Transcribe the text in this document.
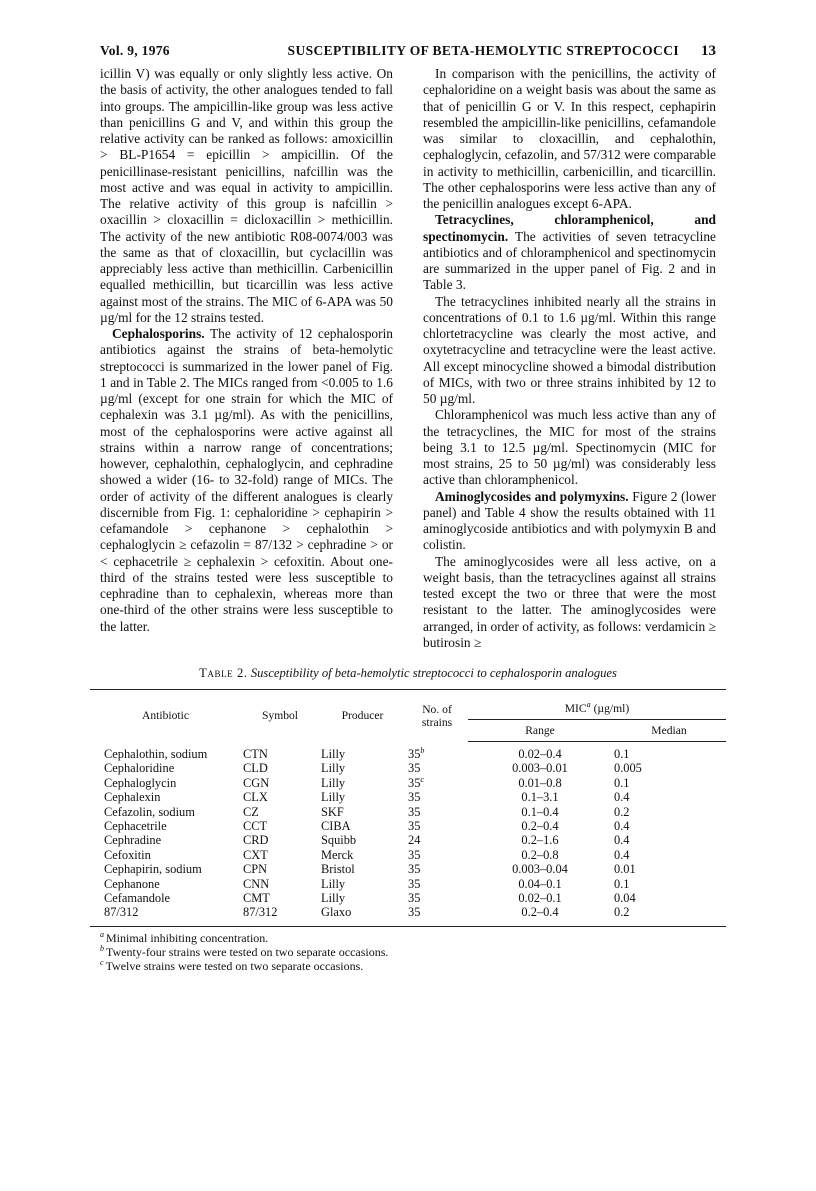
Vol. 9, 1976	SUSCEPTIBILITY OF BETA-HEMOLYTIC STREPTOCOCCI 13

icillin V) was equally or only slightly less active. On the basis of activity, the other analogues tended to fall into groups. The ampicillin-like group was less active than penicillins G and V, and within this group the relative activity can be ranked as follows: amoxicillin > BL-P1654 = epicillin > ampicillin. Of the penicillinase-resistant penicillins, nafcillin was the most active and was equal in activity to ampicillin. The relative activity of this group is nafcillin > oxacillin > cloxacillin = dicloxacillin > methicillin. The activity of the new antibiotic R08-0074/003 was the same as that of cloxacillin, but cyclacillin was appreciably less active than methicillin. Carbenicillin equalled methicillin, but ticarcillin was less active against most of the strains. The MIC of 6-APA was 50 µg/ml for the 12 strains tested.

Cephalosporins. The activity of 12 cephalosporin antibiotics against the strains of beta-hemolytic streptococci is summarized in the lower panel of Fig. 1 and in Table 2. The MICs ranged from <0.005 to 1.6 µg/ml (except for one strain for which the MIC of cephalexin was 3.1 µg/ml). As with the penicillins, most of the cephalosporins were active against all strains within a narrow range of concentrations; however, cephalothin, cephaloglycin, and cephradine showed a wider (16- to 32-fold) range of MICs. The order of activity of the different analogues is clearly discernible from Fig. 1: cephaloridine > cephapirin > cefamandole > cephanone > cephalothin > cephaloglycin ≥ cefazolin = 87/132 > cephradine > or < cephacetrile ≥ cephalexin > cefoxitin. About one-third of the strains tested were less susceptible to cephradine than to cephalexin, whereas more than one-third of the other strains were less susceptible to the latter.

In comparison with the penicillins, the activity of cephaloridine on a weight basis was about the same as that of penicillin G or V. In this respect, cephapirin resembled the ampicillin-like penicillins, cefamandole was similar to cloxacillin, and cephalothin, cephaloglycin, cefazolin, and 57/312 were comparable in activity to methicillin, carbenicillin, and ticarcillin. The other cephalosporins were less active than any of the penicillin analogues except 6-APA.

Tetracyclines, chloramphenicol, and spectinomycin. The activities of seven tetracycline antibiotics and of chloramphenicol and spectinomycin are summarized in the upper panel of Fig. 2 and in Table 3.

The tetracyclines inhibited nearly all the strains in concentrations of 0.1 to 1.6 µg/ml. Within this range chlortetracycline was clearly the most active, and oxytetracycline and tetracycline were the least active. All except minocycline showed a bimodal distribution of MICs, with two or three strains inhibited by 12 to 50 µg/ml.

Chloramphenicol was much less active than any of the tetracyclines, the MIC for most of the strains being 3.1 to 12.5 µg/ml. Spectinomycin (MIC for most strains, 25 to 50 µg/ml) was considerably less active than chloramphenicol.

Aminoglycosides and polymyxins. Figure 2 (lower panel) and Table 4 show the results obtained with 11 aminoglycoside antibiotics and with polymyxin B and colistin.

The aminoglycosides were all less active, on a weight basis, than the tetracyclines against all strains tested except the two or three that were the most resistant to the latter. The aminoglycosides were arranged, in order of activity, as follows: verdamicin ≥ butirosin ≥

Table 2. Susceptibility of beta-hemolytic streptococci to cephalosporin analogues
Antibiotic	Symbol	Producer	No. of strains	MIC$^a$ (µg/ml)	
				Range	Median
Cephalothin, sodium	CTN	Lilly	35$^b$	0.02–0.4	0.1
Cephaloridine	CLD	Lilly	35	0.003–0.01	0.005
Cephaloglycin	CGN	Lilly	35$^c$	0.01–0.8	0.1
Cephalexin	CLX	Lilly	35	0.1–3.1	0.4
Cefazolin, sodium	CZ	SKF	35	0.1–0.4	0.2
Cephacetrile	CCT	CIBA	35	0.2–0.4	0.4
Cephradine	CRD	Squibb	24	0.2–1.6	0.4
Cefoxitin	CXT	Merck	35	0.2–0.8	0.4
Cephapirin, sodium	CPN	Bristol	35	0.003–0.04	0.01
Cephanone	CNN	Lilly	35	0.04–0.1	0.1
Cefamandole	CMT	Lilly	35	0.02–0.1	0.04
87/312	87/312	Glaxo	35	0.2–0.4	0.2
$^a$ Minimal inhibiting concentration.
$^b$ Twenty-four strains were tested on two separate occasions.
$^c$ Twelve strains were tested on two separate occasions.
